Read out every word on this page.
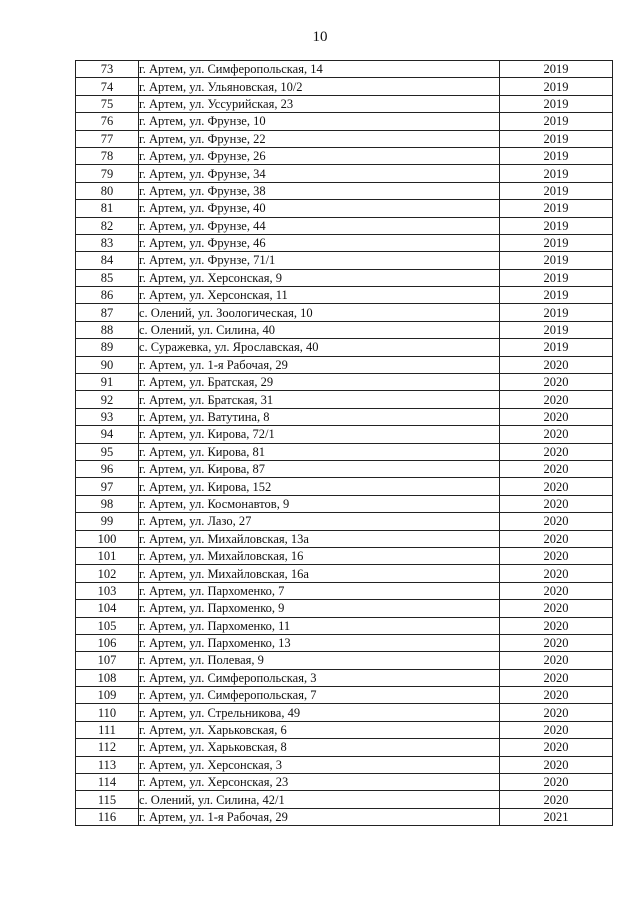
10
73	г. Артем, ул. Симферопольская, 14	2019
74	г. Артем, ул. Ульяновская, 10/2	2019
75	г. Артем, ул. Уссурийская, 23	2019
76	г. Артем, ул. Фрунзе, 10	2019
77	г. Артем, ул. Фрунзе, 22	2019
78	г. Артем, ул. Фрунзе, 26	2019
79	г. Артем, ул. Фрунзе, 34	2019
80	г. Артем, ул. Фрунзе, 38	2019
81	г. Артем, ул. Фрунзе, 40	2019
82	г. Артем, ул. Фрунзе, 44	2019
83	г. Артем, ул. Фрунзе, 46	2019
84	г. Артем, ул. Фрунзе, 71/1	2019
85	г. Артем, ул. Херсонская, 9	2019
86	г. Артем, ул. Херсонская, 11	2019
87	с. Олений, ул. Зоологическая, 10	2019
88	с. Олений, ул. Силина, 40	2019
89	с. Суражевка, ул. Ярославская, 40	2019
90	г. Артем, ул. 1-я Рабочая, 29	2020
91	г. Артем, ул. Братская, 29	2020
92	г. Артем, ул. Братская, 31	2020
93	г. Артем, ул. Ватутина, 8	2020
94	г. Артем, ул. Кирова, 72/1	2020
95	г. Артем, ул. Кирова, 81	2020
96	г. Артем, ул. Кирова, 87	2020
97	г. Артем, ул. Кирова, 152	2020
98	г. Артем, ул. Космонавтов, 9	2020
99	г. Артем, ул. Лазо, 27	2020
100	г. Артем, ул. Михайловская, 13а	2020
101	г. Артем, ул. Михайловская, 16	2020
102	г. Артем, ул. Михайловская, 16а	2020
103	г. Артем, ул. Пархоменко, 7	2020
104	г. Артем, ул. Пархоменко, 9	2020
105	г. Артем, ул. Пархоменко, 11	2020
106	г. Артем, ул. Пархоменко, 13	2020
107	г. Артем, ул. Полевая, 9	2020
108	г. Артем, ул. Симферопольская, 3	2020
109	г. Артем, ул. Симферопольская, 7	2020
110	г. Артем, ул. Стрельникова, 49	2020
111	г. Артем, ул. Харьковская, 6	2020
112	г. Артем, ул. Харьковская, 8	2020
113	г. Артем, ул. Херсонская, 3	2020
114	г. Артем, ул. Херсонская, 23	2020
115	с. Олений, ул. Силина, 42/1	2020
116	г. Артем, ул. 1-я Рабочая, 29	2021
